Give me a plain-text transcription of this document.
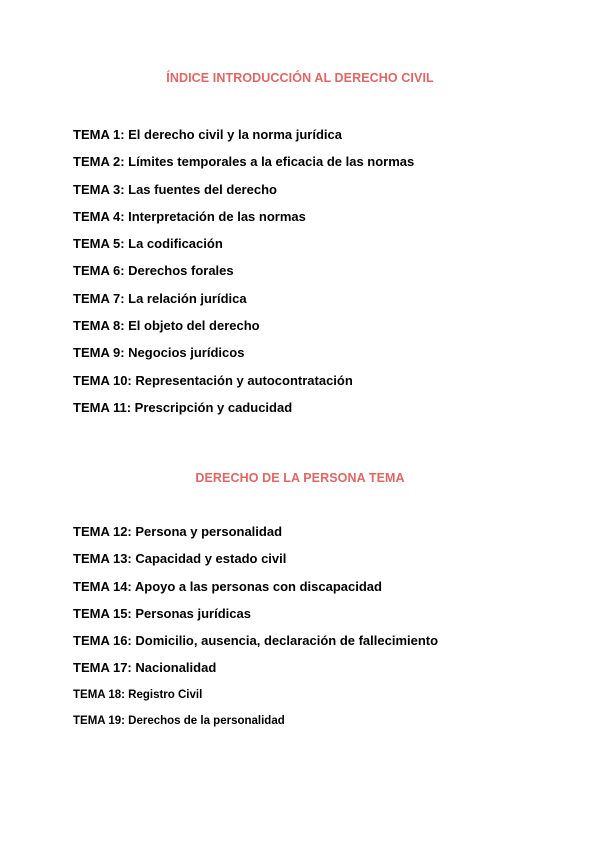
ÍNDICE INTRODUCCIÓN AL DERECHO CIVIL
TEMA 1: El derecho civil y la norma jurídica
TEMA 2: Límites temporales a la eficacia de las normas
TEMA 3: Las fuentes del derecho
TEMA 4: Interpretación de las normas
TEMA 5: La codificación
TEMA 6: Derechos forales
TEMA 7: La relación jurídica
TEMA 8: El objeto del derecho
TEMA 9: Negocios jurídicos
TEMA 10: Representación y autocontratación
TEMA 11: Prescripción y caducidad
DERECHO DE LA PERSONA TEMA
TEMA 12: Persona y personalidad
TEMA 13: Capacidad y estado civil
TEMA 14: Apoyo a las personas con discapacidad
TEMA 15: Personas jurídicas
TEMA 16: Domicilio, ausencia, declaración de fallecimiento
TEMA 17: Nacionalidad
TEMA 18: Registro Civil
TEMA 19: Derechos de la personalidad
